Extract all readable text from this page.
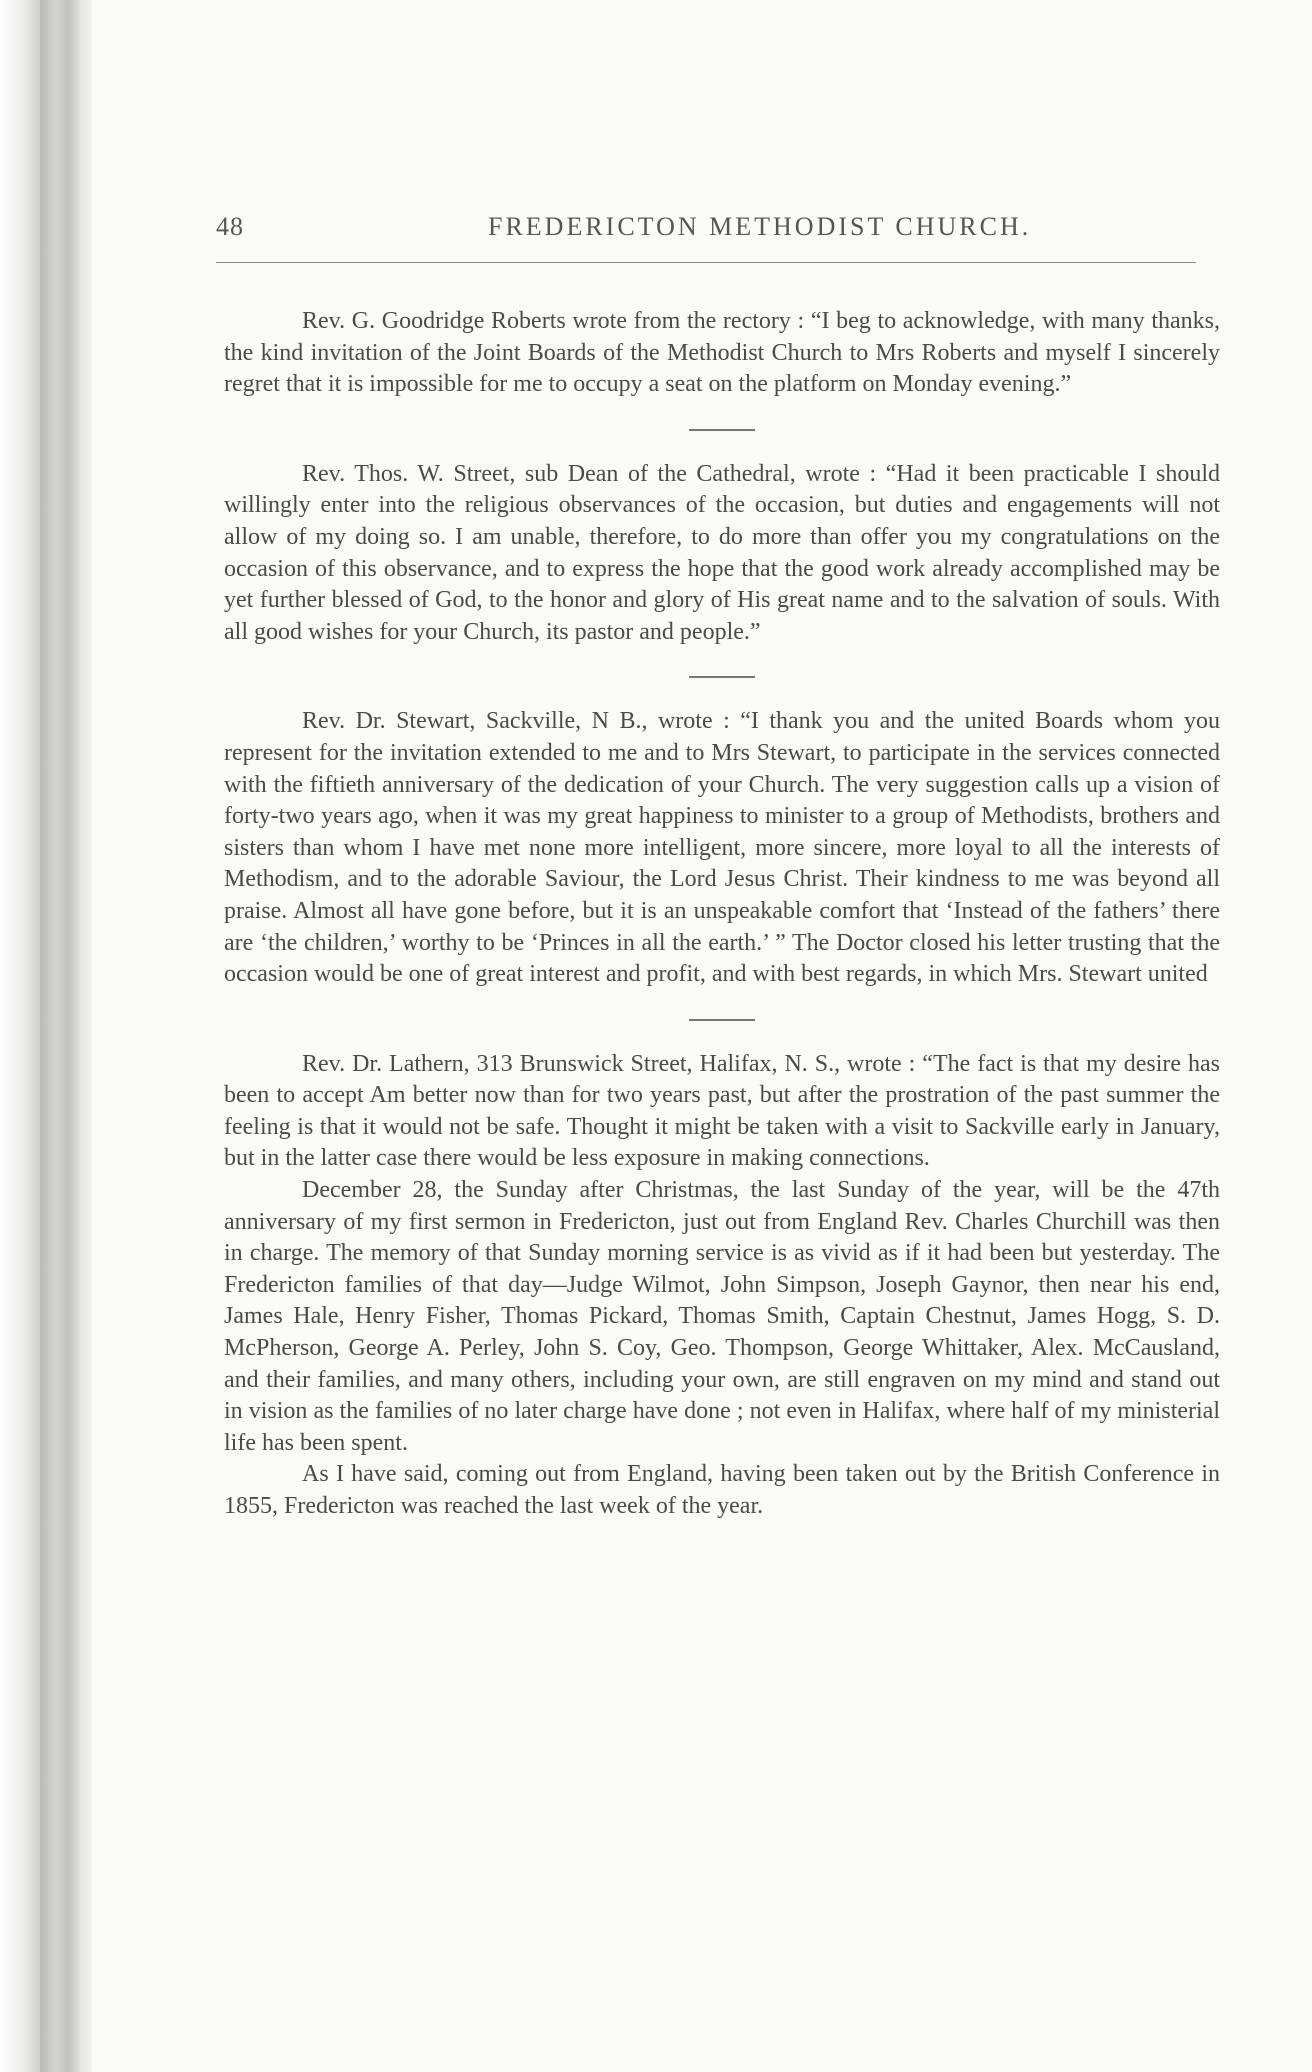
48	FREDERICTON METHODIST CHURCH.

Rev. G. Goodridge Roberts wrote from the rectory : “I beg to acknowledge, with many thanks, the kind invitation of the Joint Boards of the Methodist Church to Mrs Roberts and myself I sincerely regret that it is impossible for me to occupy a seat on the platform on Monday evening.”

Rev. Thos. W. Street, sub Dean of the Cathedral, wrote : “Had it been practicable I should willingly enter into the religious observances of the occasion, but duties and engagements will not allow of my doing so. I am unable, therefore, to do more than offer you my congratulations on the occasion of this observance, and to express the hope that the good work already accomplished may be yet further blessed of God, to the honor and glory of His great name and to the salvation of souls. With all good wishes for your Church, its pastor and people.”

Rev. Dr. Stewart, Sackville, N B., wrote : “I thank you and the united Boards whom you represent for the invitation extended to me and to Mrs Stewart, to participate in the services connected with the fiftieth anniversary of the dedication of your Church. The very suggestion calls up a vision of forty-two years ago, when it was my great happiness to minister to a group of Methodists, brothers and sisters than whom I have met none more intelligent, more sincere, more loyal to all the interests of Methodism, and to the adorable Saviour, the Lord Jesus Christ. Their kindness to me was beyond all praise. Almost all have gone before, but it is an unspeakable comfort that ‘Instead of the fathers’ there are ‘the children,’ worthy to be ‘Princes in all the earth.’ ” The Doctor closed his letter trusting that the occasion would be one of great interest and profit, and with best regards, in which Mrs. Stewart united

Rev. Dr. Lathern, 313 Brunswick Street, Halifax, N. S., wrote : “The fact is that my desire has been to accept Am better now than for two years past, but after the prostration of the past summer the feeling is that it would not be safe. Thought it might be taken with a visit to Sackville early in January, but in the latter case there would be less exposure in making connections.

December 28, the Sunday after Christmas, the last Sunday of the year, will be the 47th anniversary of my first sermon in Fredericton, just out from England Rev. Charles Churchill was then in charge. The memory of that Sunday morning service is as vivid as if it had been but yesterday. The Fredericton families of that day—Judge Wilmot, John Simpson, Joseph Gaynor, then near his end, James Hale, Henry Fisher, Thomas Pickard, Thomas Smith, Captain Chestnut, James Hogg, S. D. McPherson, George A. Perley, John S. Coy, Geo. Thompson, George Whittaker, Alex. McCausland, and their families, and many others, including your own, are still engraven on my mind and stand out in vision as the families of no later charge have done ; not even in Halifax, where half of my ministerial life has been spent.

As I have said, coming out from England, having been taken out by the British Conference in 1855, Fredericton was reached the last week of the year.
